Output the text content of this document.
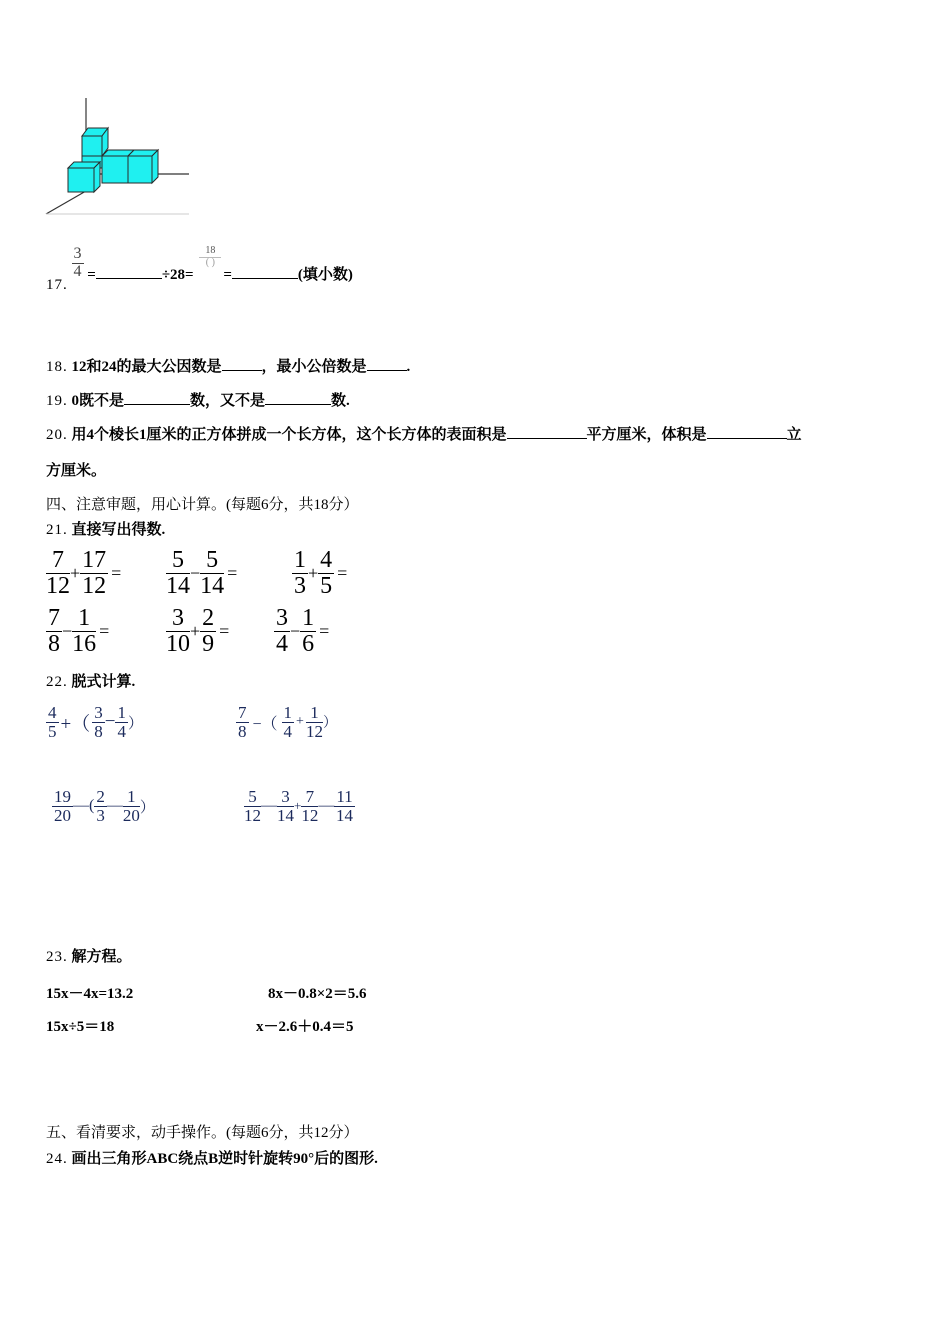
17.
$\frac{3}{4}$ =	÷28=
$\frac{18}{( )}$
=	(填小数)
18. 12和24的最大公因数是	，最小公倍数是	.
19. 0既不是	数，又不是	数.
20. 用4个棱长1厘米的正方体拼成一个长方体，这个长方体的表面积是	平方厘米，体积是	立
方厘米。
四、注意审题，用心计算。(每题6分，共18分）
21. 直接写出得数.
$\frac{7}{12} + \frac{17}{12} = \frac{5}{14} - \frac{5}{14} = \frac{1}{3} + \frac{4}{5}$ =
$\frac{7}{8} - \frac{1}{16} = \frac{3}{10} + \frac{2}{9} = \frac{3}{4} - \frac{1}{6}$ =
22. 脱式计算.
$\frac{4}{5}$ +（ $\frac{3}{8} - \frac{1}{4}$ ）	$\frac{7}{8}$ −（ $\frac{1}{4} + \frac{1}{12}$ ）
$\frac{19}{20}$ —( $\frac{2}{3}$ — $\frac{1}{20}$ ）	$\frac{5}{12}$ — $\frac{3}{14} + \frac{7}{12}$ — $\frac{11}{14}$
23. 解方程。
15x－4x=13.2	8x－0.8×2＝5.6
15x÷5＝18	x－2.6＋0.4＝5
五、看清要求，动手操作。(每题6分，共12分）
24. 画出三角形ABC绕点B逆时针旋转90°后的图形.
